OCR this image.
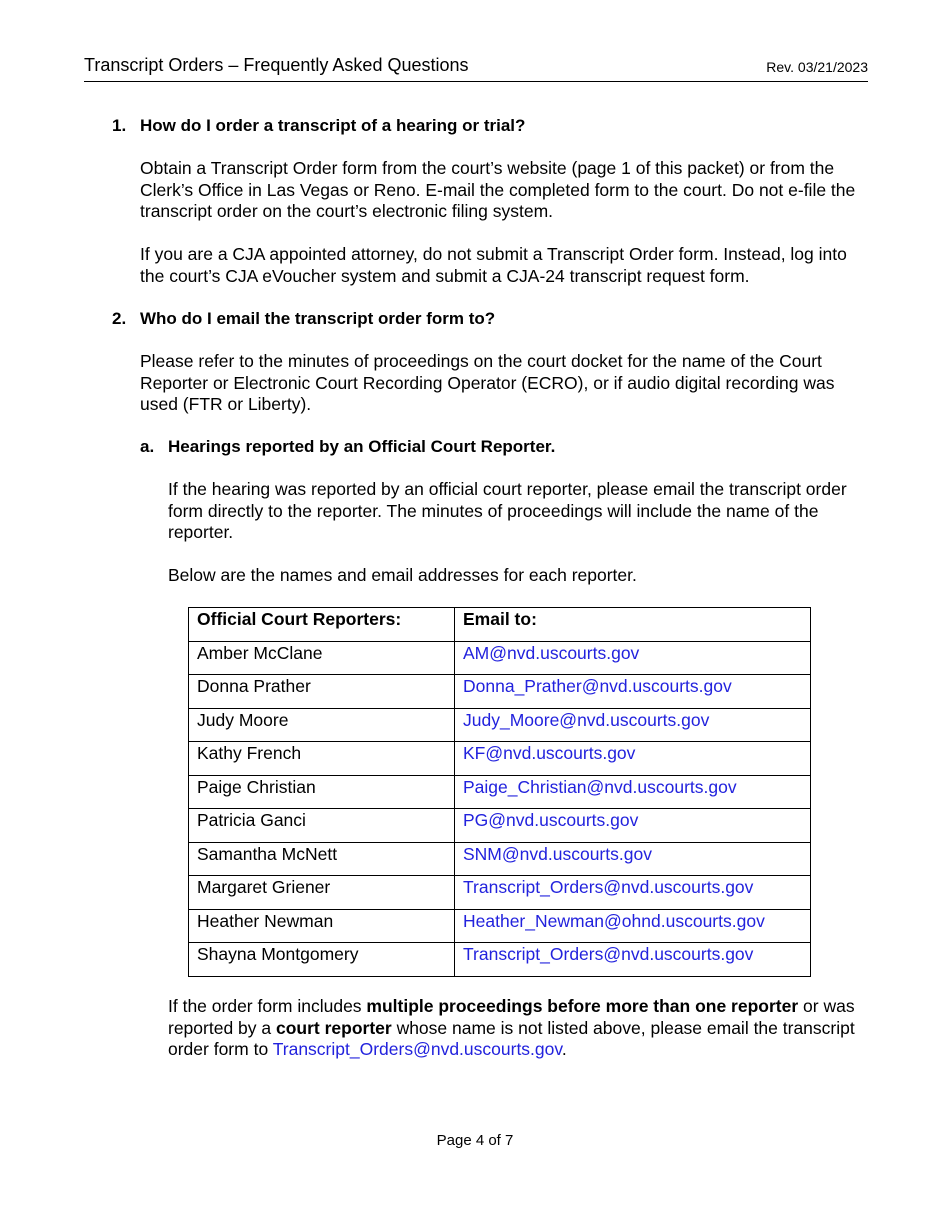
Transcript Orders – Frequently Asked Questions	Rev. 03/21/2023
1. How do I order a transcript of a hearing or trial?
Obtain a Transcript Order form from the court’s website (page 1 of this packet) or from the Clerk’s Office in Las Vegas or Reno. E-mail the completed form to the court. Do not e-file the transcript order on the court’s electronic filing system.
If you are a CJA appointed attorney, do not submit a Transcript Order form. Instead, log into the court’s CJA eVoucher system and submit a CJA-24 transcript request form.
2. Who do I email the transcript order form to?
Please refer to the minutes of proceedings on the court docket for the name of the Court Reporter or Electronic Court Recording Operator (ECRO), or if audio digital recording was used (FTR or Liberty).
a. Hearings reported by an Official Court Reporter.
If the hearing was reported by an official court reporter, please email the transcript order form directly to the reporter. The minutes of proceedings will include the name of the reporter.
Below are the names and email addresses for each reporter.
Official Court Reporters:	Email to:
Amber McClane	AM@nvd.uscourts.gov
Donna Prather	Donna_Prather@nvd.uscourts.gov
Judy Moore	Judy_Moore@nvd.uscourts.gov
Kathy French	KF@nvd.uscourts.gov
Paige Christian	Paige_Christian@nvd.uscourts.gov
Patricia Ganci	PG@nvd.uscourts.gov
Samantha McNett	SNM@nvd.uscourts.gov
Margaret Griener	Transcript_Orders@nvd.uscourts.gov
Heather Newman	Heather_Newman@ohnd.uscourts.gov
Shayna Montgomery	Transcript_Orders@nvd.uscourts.gov
If the order form includes multiple proceedings before more than one reporter or was reported by a court reporter whose name is not listed above, please email the transcript order form to Transcript_Orders@nvd.uscourts.gov.
Page 4 of 7
